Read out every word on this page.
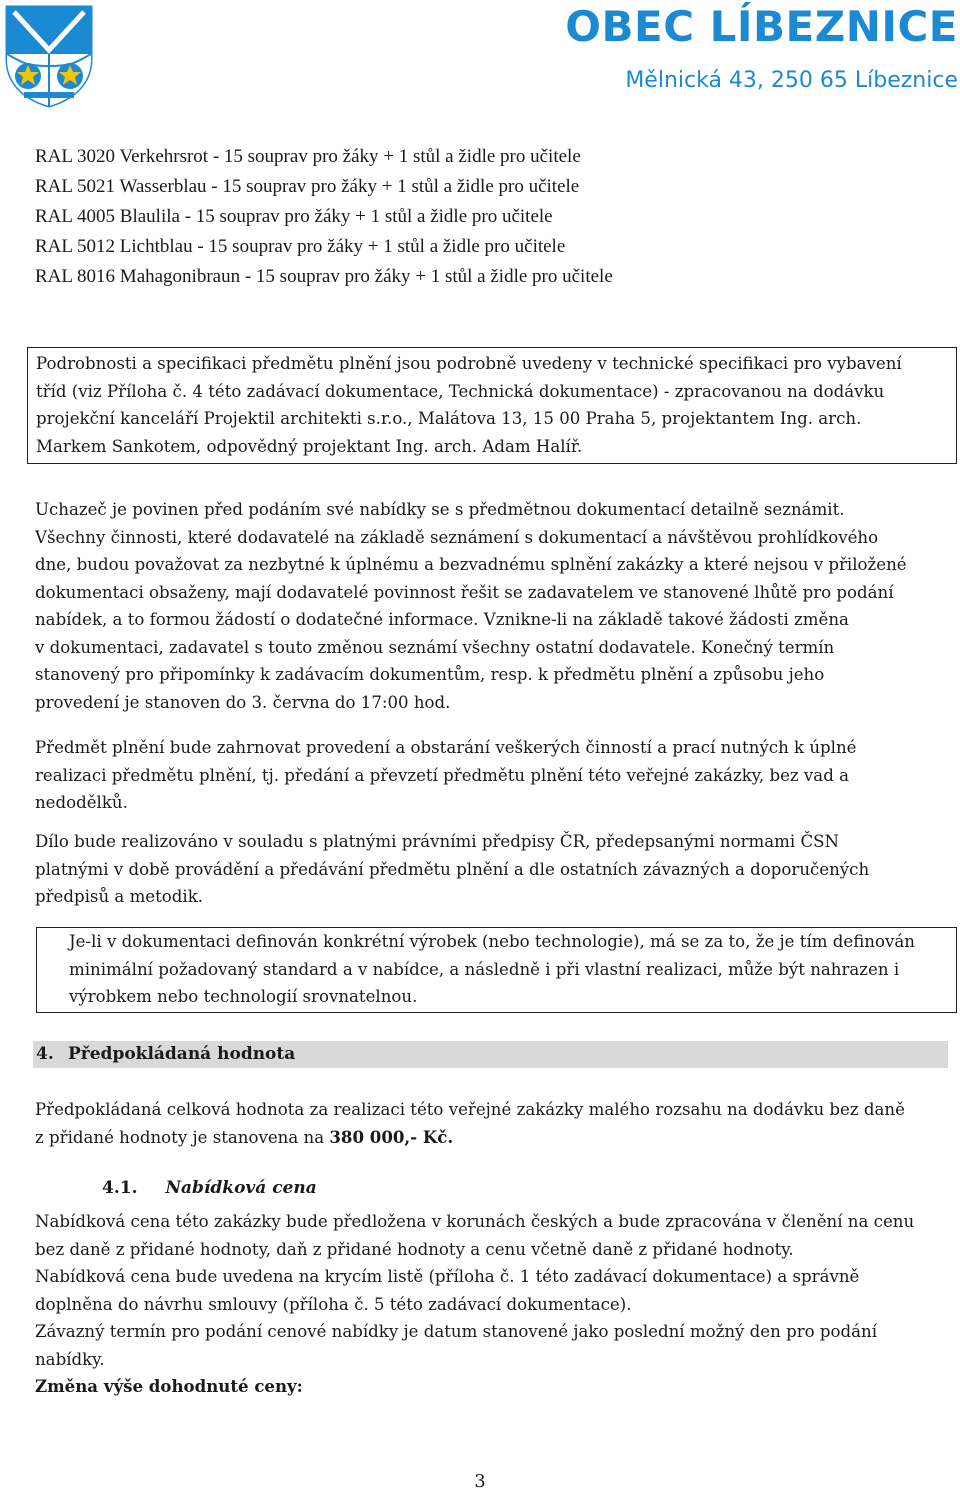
OBEC LÍBEZNICE

Mělnická 43, 250 65 Líbeznice

RAL 3020 Verkehrsrot - 15 souprav pro žáky + 1 stůl a židle pro učitele
RAL 5021 Wasserblau - 15 souprav pro žáky + 1 stůl a židle pro učitele
RAL 4005 Blaulila - 15 souprav pro žáky + 1 stůl a židle pro učitele
RAL 5012 Lichtblau - 15 souprav pro žáky + 1 stůl a židle pro učitele
RAL 8016 Mahagonibraun - 15 souprav pro žáky + 1 stůl a židle pro učitele

Podrobnosti a specifikaci předmětu plnění jsou podrobně uvedeny v technické specifikaci pro vybavení

tříd (viz Příloha č. 4 této zadávací dokumentace, Technická dokumentace) - zpracovanou na dodávku

projekční kanceláří Projektil architekti s.r.o., Malátova 13, 15 00 Praha 5, projektantem Ing. arch.

Markem Sankotem, odpovědný projektant Ing. arch. Adam Halíř.

Uchazeč je povinen před podáním své nabídky se s předmětnou dokumentací detailně seznámit.
Všechny činnosti, které dodavatelé na základě seznámení s dokumentací a návštěvou prohlídkového
dne, budou považovat za nezbytné k úplnému a bezvadnému splnění zakázky a které nejsou v přiložené
dokumentaci obsaženy, mají dodavatelé povinnost řešit se zadavatelem ve stanovené lhůtě pro podání
nabídek, a to formou žádostí o dodatečné informace. Vznikne-li na základě takové žádosti změna
v dokumentaci, zadavatel s touto změnou seznámí všechny ostatní dodavatele. Konečný termín
stanovený pro připomínky k zadávacím dokumentům, resp. k předmětu plnění a způsobu jeho
provedení je stanoven do 3. června do 17:00 hod.
Předmět plnění bude zahrnovat provedení a obstarání veškerých činností a prací nutných k úplné
realizaci předmětu plnění, tj. předání a převzetí předmětu plnění této veřejné zakázky, bez vad a
nedodělků.
Dílo bude realizováno v souladu s platnými právními předpisy ČR, předepsanými normami ČSN
platnými v době provádění a předávání předmětu plnění a dle ostatních závazných a doporučených
předpisů a metodik.

Je-li v dokumentaci definován konkrétní výrobek (nebo technologie), má se za to, že je tím definován

minimální požadovaný standard a v nabídce, a následně i při vlastní realizaci, může být nahrazen i

výrobkem nebo technologií srovnatelnou.

4. Předpokládaná hodnota
Předpokládaná celková hodnota za realizaci této veřejné zakázky malého rozsahu na dodávku bez daně
z přidané hodnoty je stanovena na 380 000,- Kč.
4.1. Nabídková cena
Nabídková cena této zakázky bude předložena v korunách českých a bude zpracována v členění na cenu
bez daně z přidané hodnoty, daň z přidané hodnoty a cenu včetně daně z přidané hodnoty.
Nabídková cena bude uvedena na krycím listě (příloha č. 1 této zadávací dokumentace) a správně
doplněna do návrhu smlouvy (příloha č. 5 této zadávací dokumentace).
Závazný termín pro podání cenové nabídky je datum stanovené jako poslední možný den pro podání
nabídky.
Změna výše dohodnuté ceny:
3
